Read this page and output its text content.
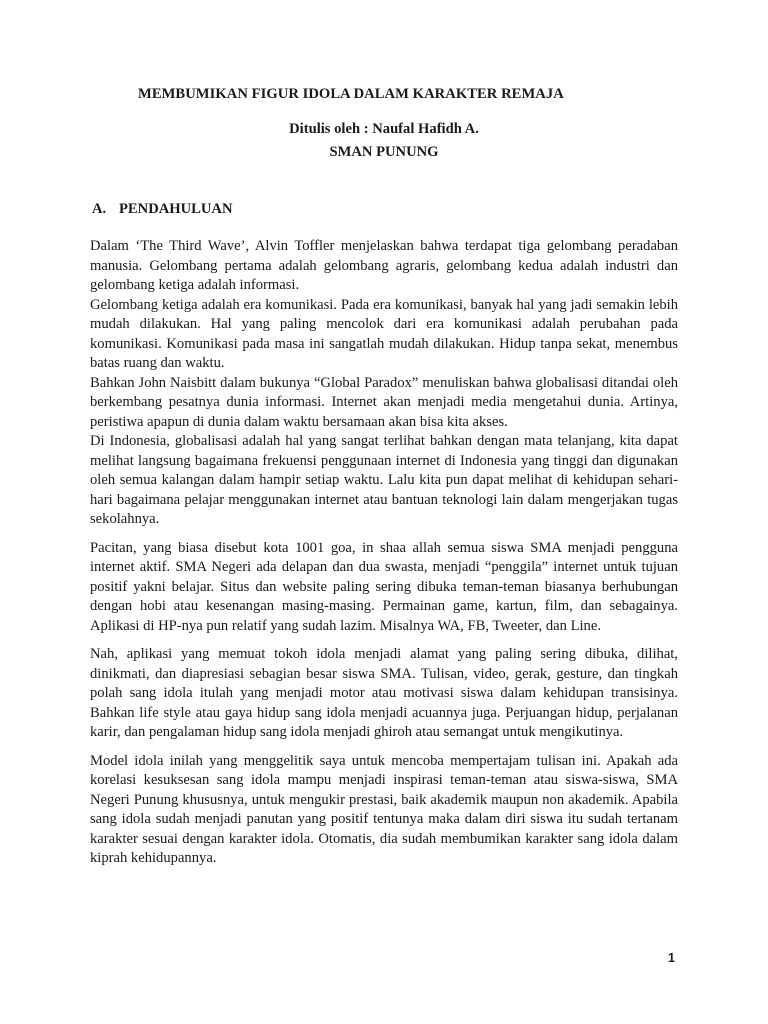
MEMBUMIKAN FIGUR IDOLA DALAM KARAKTER REMAJA
Ditulis oleh : Naufal Hafidh A.
SMAN PUNUNG
A. PENDAHULUAN

Dalam ‘The Third Wave’, Alvin Toffler menjelaskan bahwa terdapat tiga gelombang peradaban manusia. Gelombang pertama adalah gelombang agraris, gelombang kedua adalah industri dan gelombang ketiga adalah informasi.

Gelombang ketiga adalah era komunikasi. Pada era komunikasi, banyak hal yang jadi semakin lebih mudah dilakukan. Hal yang paling mencolok dari era komunikasi adalah perubahan pada komunikasi. Komunikasi pada masa ini sangatlah mudah dilakukan. Hidup tanpa sekat, menembus batas ruang dan waktu.

Bahkan John Naisbitt dalam bukunya “Global Paradox” menuliskan bahwa globalisasi ditandai oleh berkembang pesatnya dunia informasi. Internet akan menjadi media mengetahui dunia. Artinya, peristiwa apapun di dunia dalam waktu bersamaan akan bisa kita akses.

Di Indonesia, globalisasi adalah hal yang sangat terlihat bahkan dengan mata telanjang, kita dapat melihat langsung bagaimana frekuensi penggunaan internet di Indonesia yang tinggi dan digunakan oleh semua kalangan dalam hampir setiap waktu. Lalu kita pun dapat melihat di kehidupan sehari-hari bagaimana pelajar menggunakan internet atau bantuan teknologi lain dalam mengerjakan tugas sekolahnya.

Pacitan, yang biasa disebut kota 1001 goa, in shaa allah semua siswa SMA menjadi pengguna internet aktif. SMA Negeri ada delapan dan dua swasta, menjadi “penggila” internet untuk tujuan positif yakni belajar. Situs dan website paling sering dibuka teman-teman biasanya berhubungan dengan hobi atau kesenangan masing-masing. Permainan game, kartun, film, dan sebagainya. Aplikasi di HP-nya pun relatif yang sudah lazim. Misalnya WA, FB, Tweeter, dan Line.

Nah, aplikasi yang memuat tokoh idola menjadi alamat yang paling sering dibuka, dilihat, dinikmati, dan diapresiasi sebagian besar siswa SMA. Tulisan, video, gerak, gesture, dan tingkah polah sang idola itulah yang menjadi motor atau motivasi siswa dalam kehidupan transisinya. Bahkan life style atau gaya hidup sang idola menjadi acuannya juga. Perjuangan hidup, perjalanan karir, dan pengalaman hidup sang idola menjadi ghiroh atau semangat untuk mengikutinya.

Model idola inilah yang menggelitik saya untuk mencoba mempertajam tulisan ini. Apakah ada korelasi kesuksesan sang idola mampu menjadi inspirasi teman-teman atau siswa-siswa, SMA Negeri Punung khususnya, untuk mengukir prestasi, baik akademik maupun non akademik. Apabila sang idola sudah menjadi panutan yang positif tentunya maka dalam diri siswa itu sudah tertanam karakter sesuai dengan karakter idola. Otomatis, dia sudah membumikan karakter sang idola dalam kiprah kehidupannya.

1
